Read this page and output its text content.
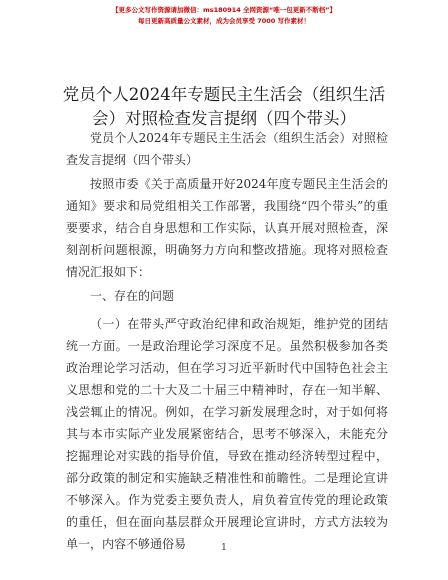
【更多公文写作资源请加微信：ms180914 全网资源“唯一包更新不断档”】
每日更新高质量公文素材，成为会员享受 7000 写作素材！
党员个人2024年专题民主生活会（组织生活
会）对照检查发言提纲（四个带头）
党员个人2024年专题民主生活会（组织生活会）对照检查发言提纲（四个带头）
按照市委《关于高质量开好2024年度专题民主生活会的通知》要求和局党组相关工作部署，我围绕“四个带头”的重要要求，结合自身思想和工作实际，认真开展对照检查，深刻剖析问题根源，明确努力方向和整改措施。现将对照检查情况汇报如下：
一、存在的问题
（一）在带头严守政治纪律和政治规矩，维护党的团结统一方面。一是政治理论学习深度不足。虽然积极参加各类政治理论学习活动，但在学习习近平新时代中国特色社会主义思想和党的二十大及二十届三中精神时，存在一知半解、浅尝辄止的情况。例如，在学习新发展理念时，对于如何将其与本市实际产业发展紧密结合，思考不够深入，未能充分挖掘理论对实践的指导价值，导致在推动经济转型过程中，部分政策的制定和实施缺乏精准性和前瞻性。二是理论宣讲不够深入。作为党委主要负责人，肩负着宣传党的理论政策的重任，但在面向基层群众开展理论宣讲时，方式方法较为单一，内容不够通俗易	1
